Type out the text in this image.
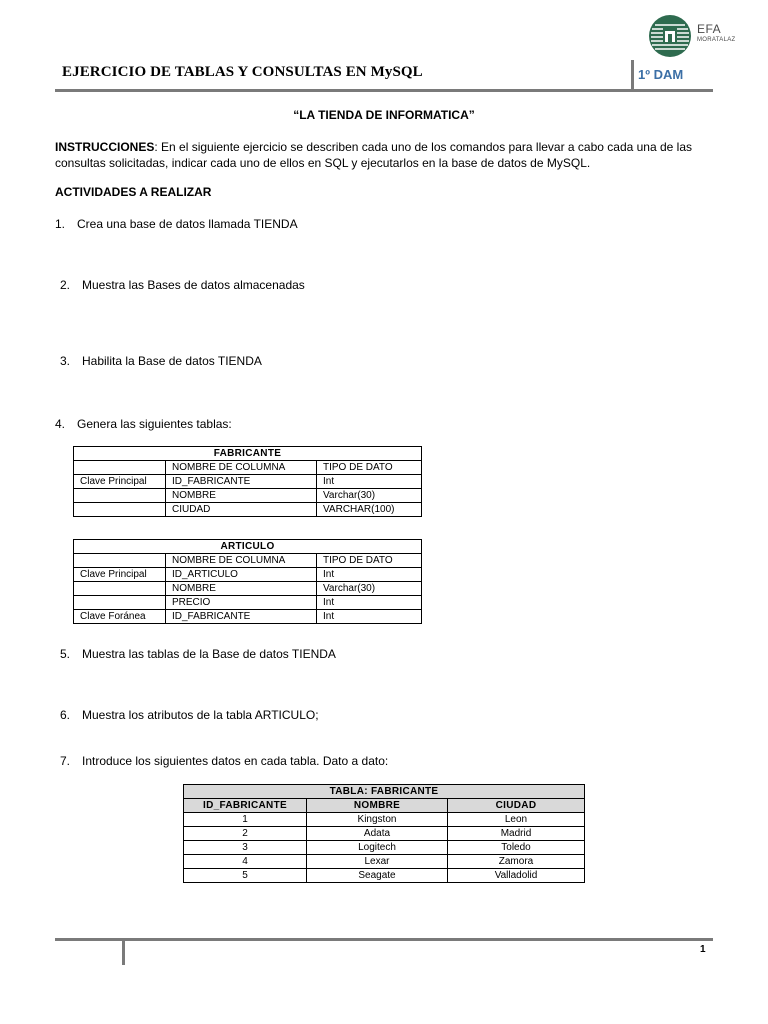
EFA
MORATALAZ
EJERCICIO DE TABLAS Y CONSULTAS EN MySQL	1º DAM
“LA TIENDA DE INFORMATICA”
INSTRUCCIONES: En el siguiente ejercicio se describen cada uno de los comandos para llevar a cabo cada una de las
consultas solicitadas, indicar cada uno de ellos en SQL y ejecutarlos en la base de datos de MySQL.
ACTIVIDADES A REALIZAR
1. Crea una base de datos llamada TIENDA
2. Muestra las Bases de datos almacenadas
3. Habilita la Base de datos TIENDA
4. Genera las siguientes tablas:
FABRICANTE		
	NOMBRE DE COLUMNA	TIPO DE DATO
Clave Principal	ID_FABRICANTE	Int
	NOMBRE	Varchar(30)
	CIUDAD	VARCHAR(100)
ARTICULO		
	NOMBRE DE COLUMNA	TIPO DE DATO
Clave Principal	ID_ARTICULO	Int
	NOMBRE	Varchar(30)
	PRECIO	Int
Clave Foránea	ID_FABRICANTE	Int
5. Muestra las tablas de la Base de datos TIENDA
6. Muestra los atributos de la tabla ARTICULO;
7. Introduce los siguientes datos en cada tabla. Dato a dato:
TABLA: FABRICANTE		
ID_FABRICANTE	NOMBRE	CIUDAD
1	Kingston	Leon
2	Adata	Madrid
3	Logitech	Toledo
4	Lexar	Zamora
5	Seagate	Valladolid
1
